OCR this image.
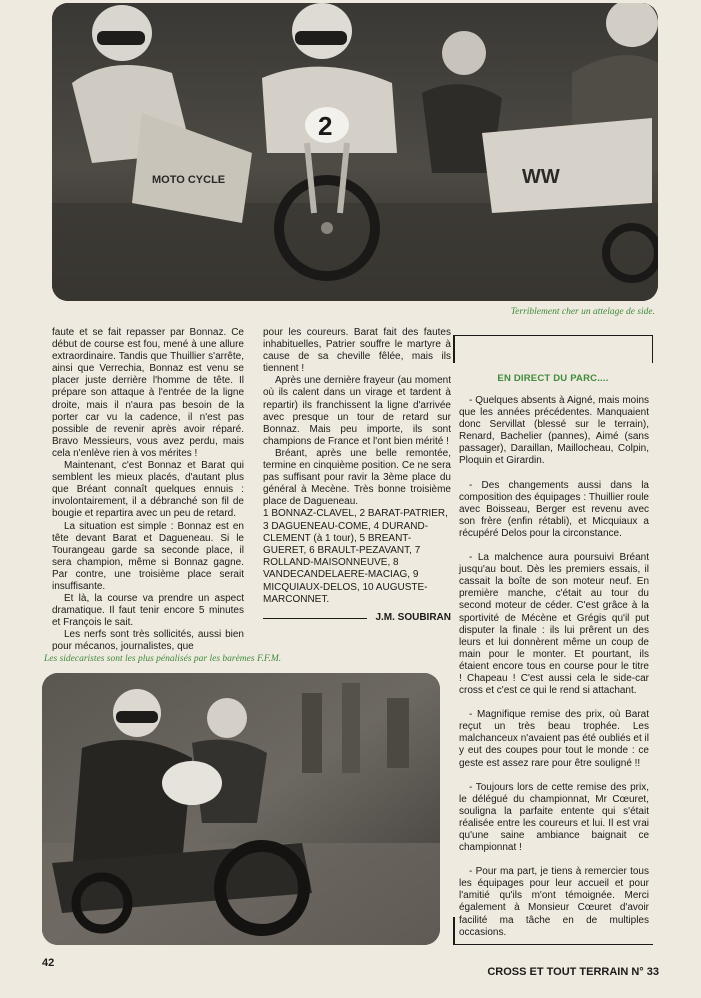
MOTO CYCLE
2
WW
Terriblement cher un attelage de side.

faute et se fait repasser par Bonnaz. Ce début de course est fou, mené à une allure extraordinaire. Tandis que Thuillier s'arrête, ainsi que Verrechia, Bonnaz est venu se placer juste derrière l'homme de tête. Il prépare son attaque à l'entrée de la ligne droite, mais il n'aura pas besoin de la porter car vu la cadence, il n'est pas possible de revenir après avoir réparé. Bravo Messieurs, vous avez perdu, mais cela n'enlève rien à vos mérites !

Maintenant, c'est Bonnaz et Barat qui semblent les mieux placés, d'autant plus que Bréant connaît quelques ennuis : involontairement, il a débranché son fil de bougie et repartira avec un peu de retard.

La situation est simple : Bonnaz est en tête devant Barat et Dagueneau. Si le Tourangeau garde sa seconde place, il sera champion, même si Bonnaz gagne. Par contre, une troisième place serait insuffisante.

Et là, la course va prendre un aspect dramatique. Il faut tenir encore 5 minutes et François le sait.

Les nerfs sont très sollicités, aussi bien pour mécanos, journalistes, que

pour les coureurs. Barat fait des fautes inhabituelles, Patrier souffre le martyre à cause de sa cheville fêlée, mais ils tiennent !

Après une dernière frayeur (au moment où ils calent dans un virage et tardent à repartir) ils franchissent la ligne d'arrivée avec presque un tour de retard sur Bonnaz. Mais peu importe, ils sont champions de France et l'ont bien mérité !

Bréant, après une belle remontée, termine en cinquième position. Ce ne sera pas suffisant pour ravir la 3ème place du général à Mecène. Très bonne troisième place de Dagueneau.

1 BONNAZ-CLAVEL, 2 BARAT-PATRIER, 3 DAGUENEAU-COME, 4 DURAND-CLEMENT (à 1 tour), 5 BREANT-GUERET, 6 BRAULT-PEZAVANT, 7 ROLLAND-MAISONNEUVE, 8 VANDECANDELAERE-MACIAG, 9 MICQUIAUX-DELOS, 10 AUGUSTE-MARCONNET.

J.M. SOUBIRAN
Les sidecaristes sont les plus pénalisés par les barèmes F.F.M.
EN DIRECT DU PARC....

- Quelques absents à Aigné, mais moins que les années précédentes. Manquaient donc Servillat (blessé sur le terrain), Renard, Bachelier (pannes), Aimé (sans passager), Daraillan, Maillocheau, Colpin, Ploquin et Girardin.

- Des changements aussi dans la composition des équipages : Thuillier roule avec Boisseau, Berger est revenu avec son frère (enfin rétabli), et Micquiaux a récupéré Delos pour la circonstance.

- La malchence aura poursuivi Bréant jusqu'au bout. Dès les premiers essais, il cassait la boîte de son moteur neuf. En première manche, c'était au tour du second moteur de céder. C'est grâce à la sportivité de Mécène et Grégis qu'il put disputer la finale : ils lui prêrent un des leurs et lui donnèrent même un coup de main pour le monter. Et pourtant, ils étaient encore tous en course pour le titre ! Chapeau ! C'est aussi cela le side-car cross et c'est ce qui le rend si attachant.

- Magnifique remise des prix, où Barat reçut un très beau trophée. Les malchanceux n'avaient pas été oubliés et il y eut des coupes pour tout le monde : ce geste est assez rare pour être souligné !!

- Toujours lors de cette remise des prix, le délégué du championnat, Mr Cœuret, souligna la parfaite entente qui s'était réalisée entre les coureurs et lui. Il est vrai qu'une saine ambiance baignait ce championnat !

- Pour ma part, je tiens à remercier tous les équipages pour leur accueil et pour l'amitié qu'ils m'ont témoignée. Merci également à Monsieur Cœuret d'avoir facilité ma tâche en de multiples occasions.

42
CROSS ET TOUT TERRAIN N° 33
